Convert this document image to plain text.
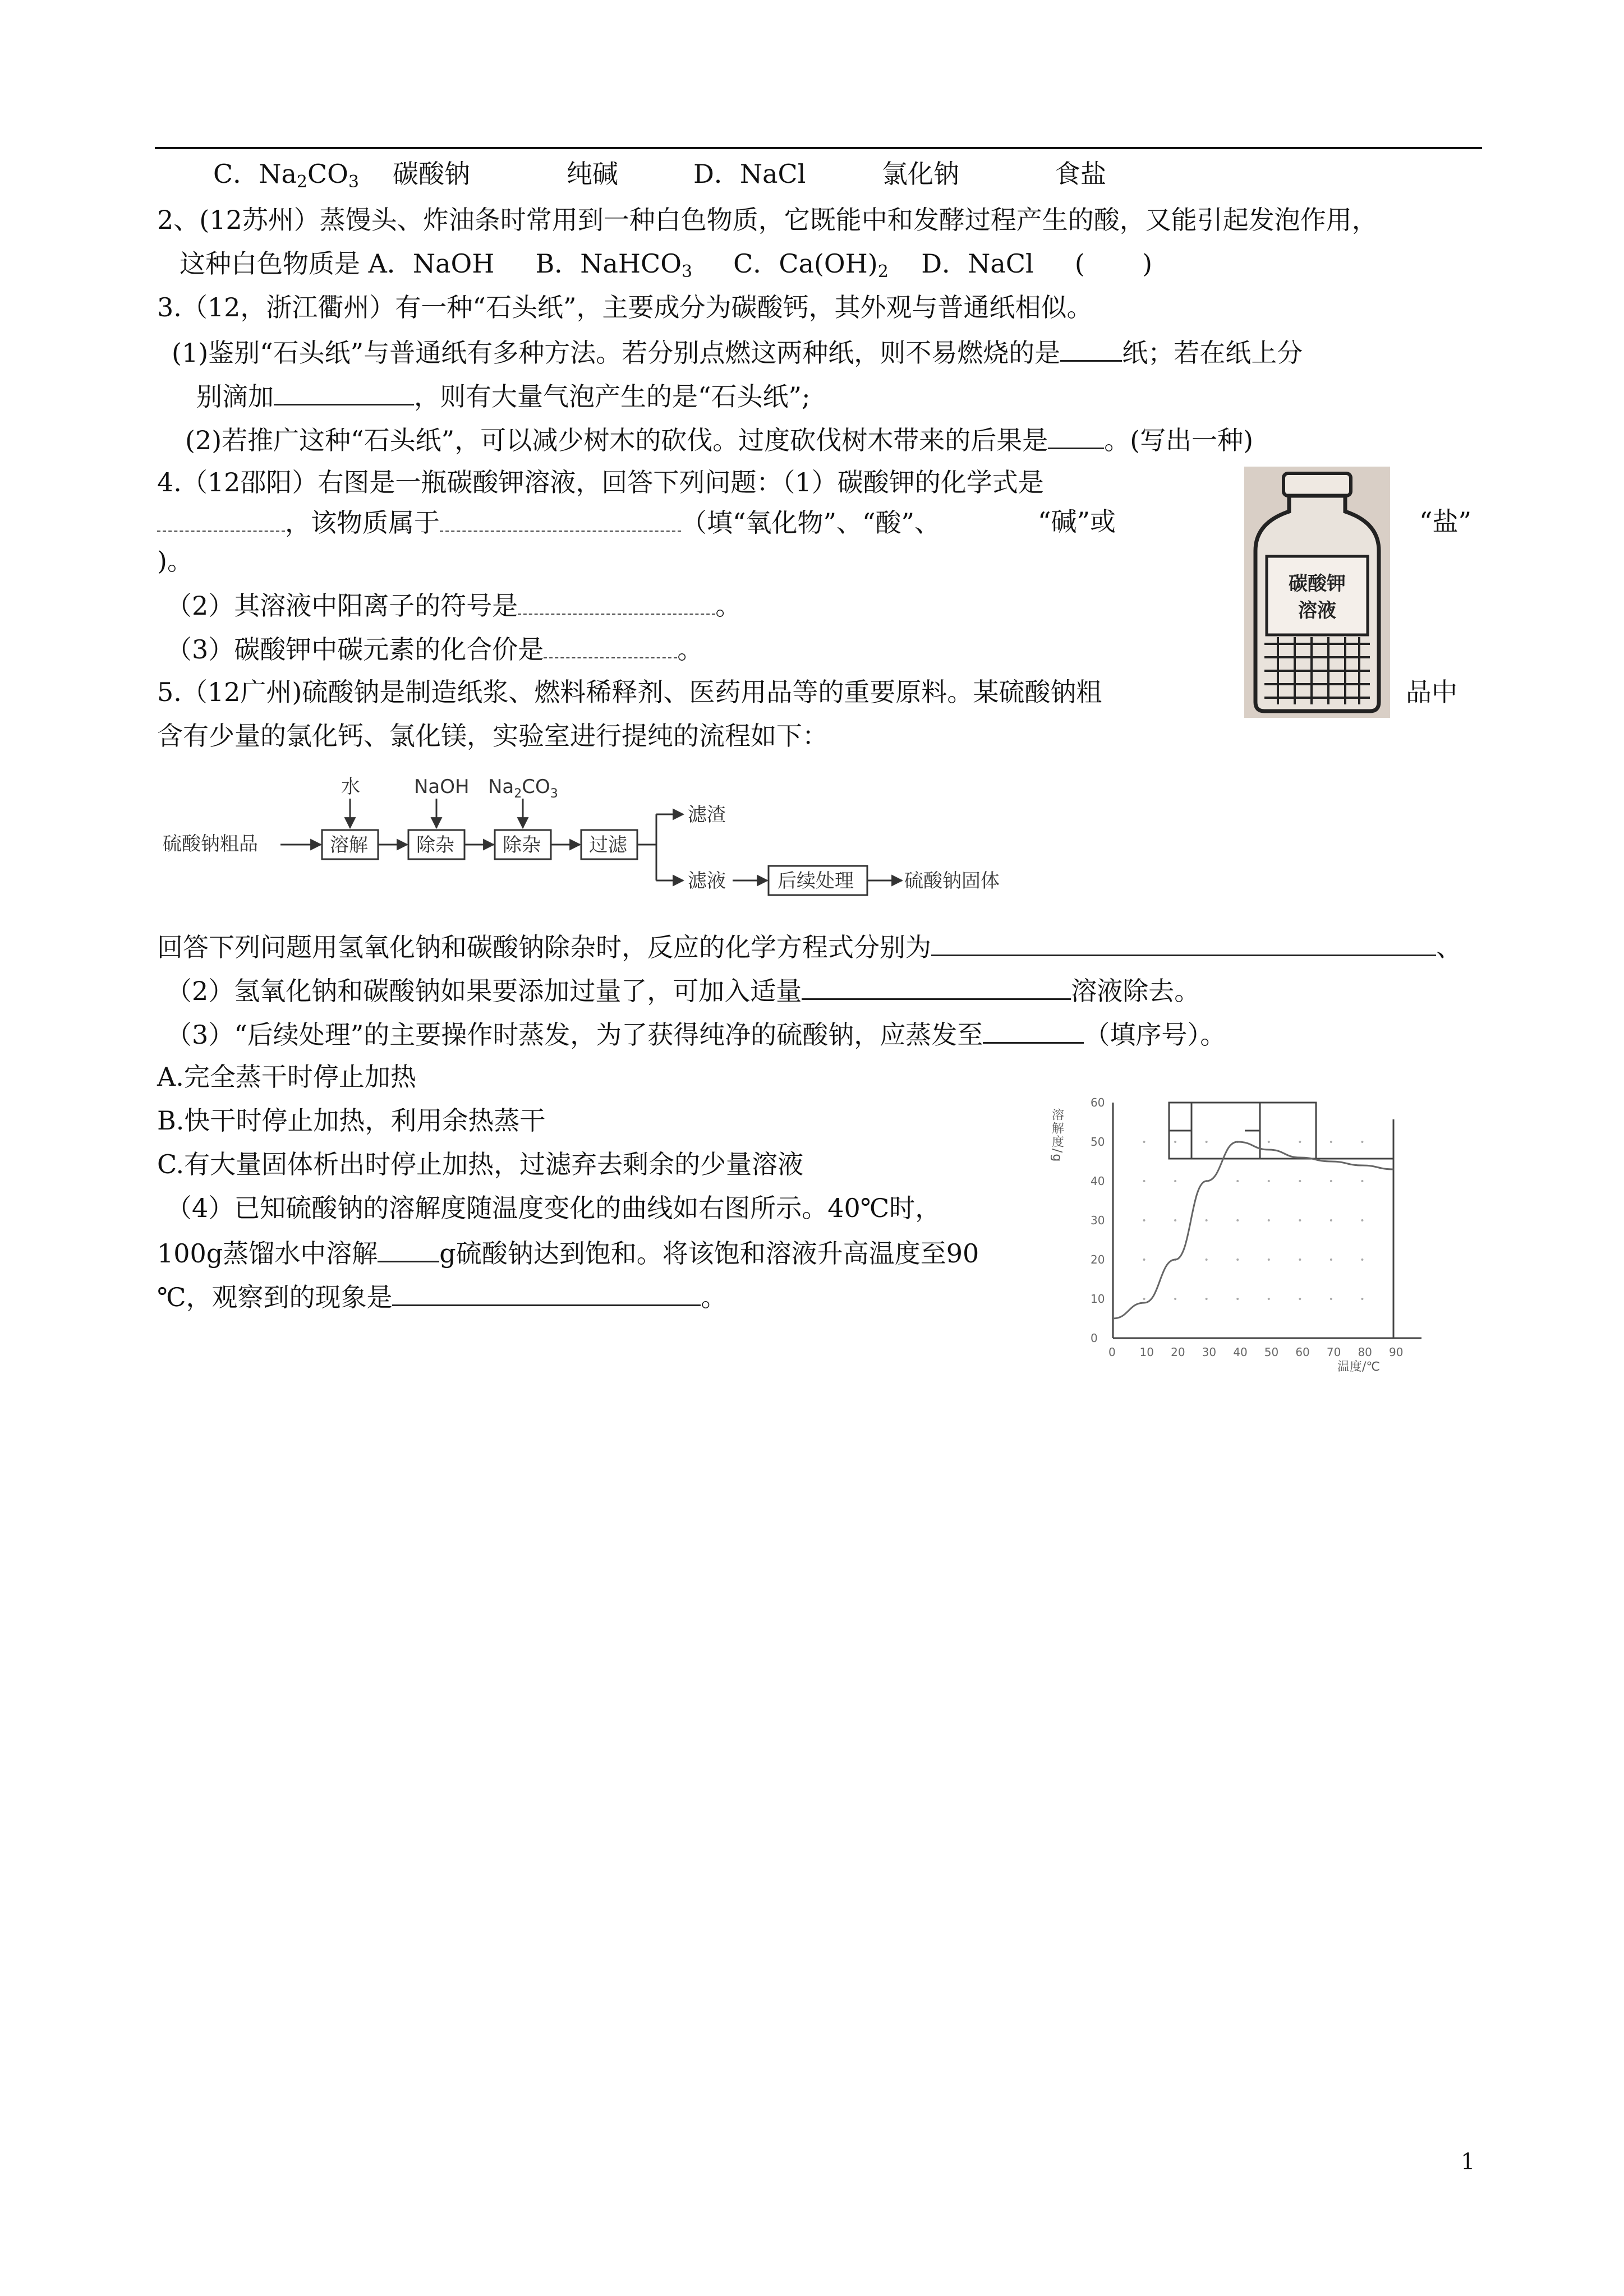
C．$Na_2CO_3$ 碳酸钠	纯碱	D．NaCl	氯化钠	食盐
2、(12苏州）蒸馒头、炸油条时常用到一种白色物质，它既能中和发酵过程产生的酸，又能引起发泡作用，
这种白色物质是 A．NaOH     B．NaHCO$_3$     C．$Ca(OH)_2$    D．NaCl     (       )
3.（12，浙江衢州）有一种“石头纸”，主要成分为碳酸钙，其外观与普通纸相似。
(1)鉴别“石头纸”与普通纸有多种方法。若分别点燃这两种纸，则不易燃烧的是 纸；若在纸上分
别滴加	，则有大量气泡产生的是“石头纸”;
(2)若推广这种“石头纸”，可以减少树木的砍伐。过度砍伐树木带来的后果是 。(写出一种)
4.（12邵阳）右图是一瓶碳酸钾溶液，回答下列问题：（1）碳酸钾的化学式是
，该物质属于	（填“氧化物”、“酸”、	“碱”或	“盐”
)。
（2）其溶液中阳离子的符号是	。
（3）碳酸钾中碳元素的化合价是	。
碳酸钾
溶液
5.（12广州)硫酸钠是制造纸浆、燃料稀释剂、医药用品等的重要原料。某硫酸钠粗	品中
含有少量的氯化钙、氯化镁，实验室进行提纯的流程如下：
硫酸钠粗品	溶解
水
除杂
NaOH
除杂
$Na_2CO_3$
过滤
滤渣
滤液	后续处理	硫酸钠固体
回答下列问题用氢氧化钠和碳酸钠除杂时，反应的化学方程式分别为	、
（2）氢氧化钠和碳酸钠如果要添加过量了，可加入适量	溶液除去。
（3）“后续处理”的主要操作时蒸发，为了获得纯净的硫酸钠，应蒸发至	（填序号）。
A.完全蒸干时停止加热
B.快干时停止加热，利用余热蒸干
C.有大量固体析出时停止加热，过滤弃去剩余的少量溶液
（4）已知硫酸钠的溶解度随温度变化的曲线如右图所示。40℃时，
100g蒸馏水中溶解 g硫酸钠达到饱和。将该饱和溶液升高温度至90
℃，观察到的现象是	。
溶解度/g
温度/℃
0 10 20 30 40 50 60 70 80 90
0
10
20
30
40
50
60
1
